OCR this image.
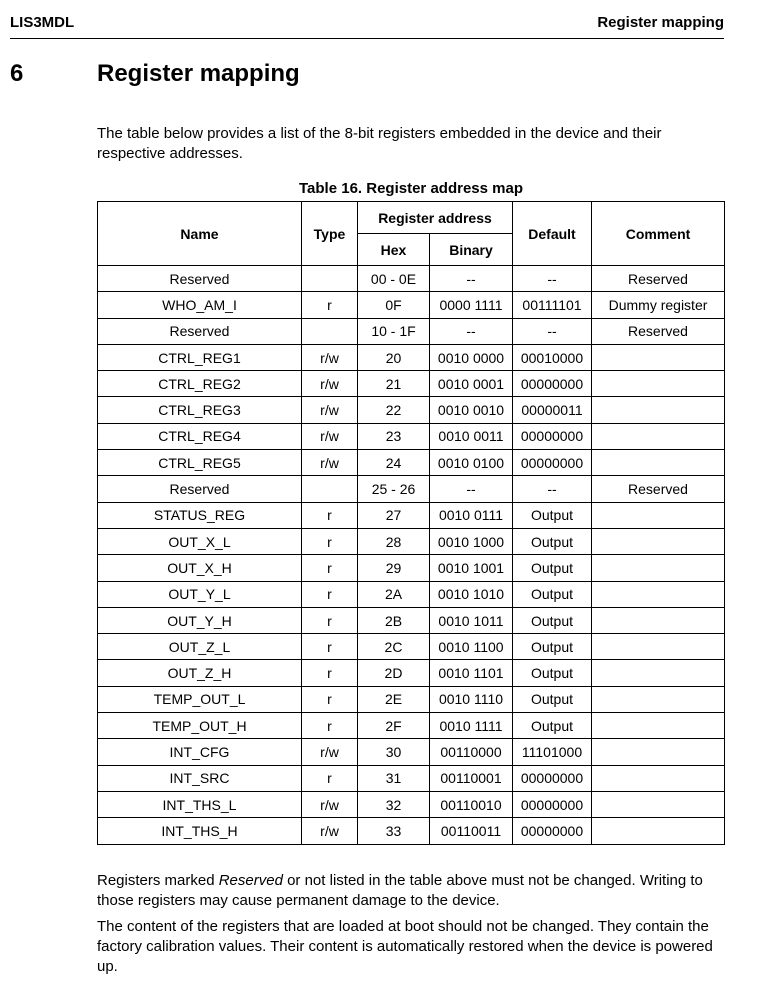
LIS3MDL	Register mapping
6	Register mapping
The table below provides a list of the 8-bit registers embedded in the device and their respective addresses.
Table 16. Register address map
Name	Type	Register address		Default	Comment
		Hex	Binary		
Reserved		00 - 0E	--	--	Reserved
WHO_AM_I	r	0F	0000 1111	00111101	Dummy register
Reserved		10 - 1F	--	--	Reserved
CTRL_REG1	r/w	20	0010 0000	00010000	
CTRL_REG2	r/w	21	0010 0001	00000000	
CTRL_REG3	r/w	22	0010 0010	00000011	
CTRL_REG4	r/w	23	0010 0011	00000000	
CTRL_REG5	r/w	24	0010 0100	00000000	
Reserved		25 - 26	--	--	Reserved
STATUS_REG	r	27	0010 0111	Output	
OUT_X_L	r	28	0010 1000	Output	
OUT_X_H	r	29	0010 1001	Output	
OUT_Y_L	r	2A	0010 1010	Output	
OUT_Y_H	r	2B	0010 1011	Output	
OUT_Z_L	r	2C	0010 1100	Output	
OUT_Z_H	r	2D	0010 1101	Output	
TEMP_OUT_L	r	2E	0010 1110	Output	
TEMP_OUT_H	r	2F	0010 1111	Output	
INT_CFG	r/w	30	00110000	11101000	
INT_SRC	r	31	00110001	00000000	
INT_THS_L	r/w	32	00110010	00000000	
INT_THS_H	r/w	33	00110011	00000000	
Registers marked Reserved or not listed in the table above must not be changed. Writing to those registers may cause permanent damage to the device.
The content of the registers that are loaded at boot should not be changed. They contain the factory calibration values. Their content is automatically restored when the device is powered up.
